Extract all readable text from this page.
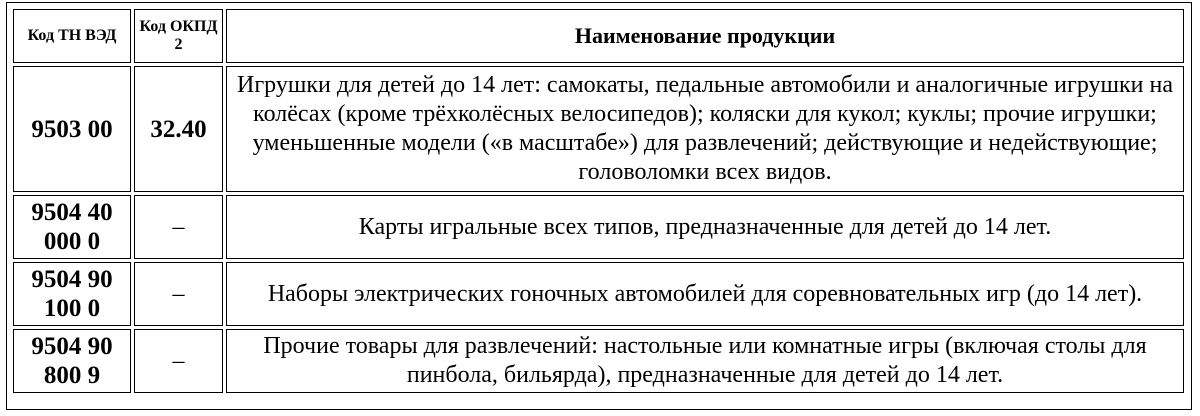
Код ТН ВЭД	Код ОКПД 2	Наименование продукции
9503 00	32.40	Игрушки для детей до 14 лет: самокаты, педальные автомобили и аналогичные игрушки на колёсах (кроме трёхколёсных велосипедов); коляски для кукол; куклы; прочие игрушки; уменьшенные модели («в масштабе») для развлечений; действующие и недействующие; головоломки всех видов.
9504 40 000 0	–	Карты игральные всех типов, предназначенные для детей до 14 лет.
9504 90 100 0	–	Наборы электрических гоночных автомобилей для соревновательных игр (до 14 лет).
9504 90 800 9	–	Прочие товары для развлечений: настольные или комнатные игры (включая столы для пинбола, бильярда), предназначенные для детей до 14 лет.
